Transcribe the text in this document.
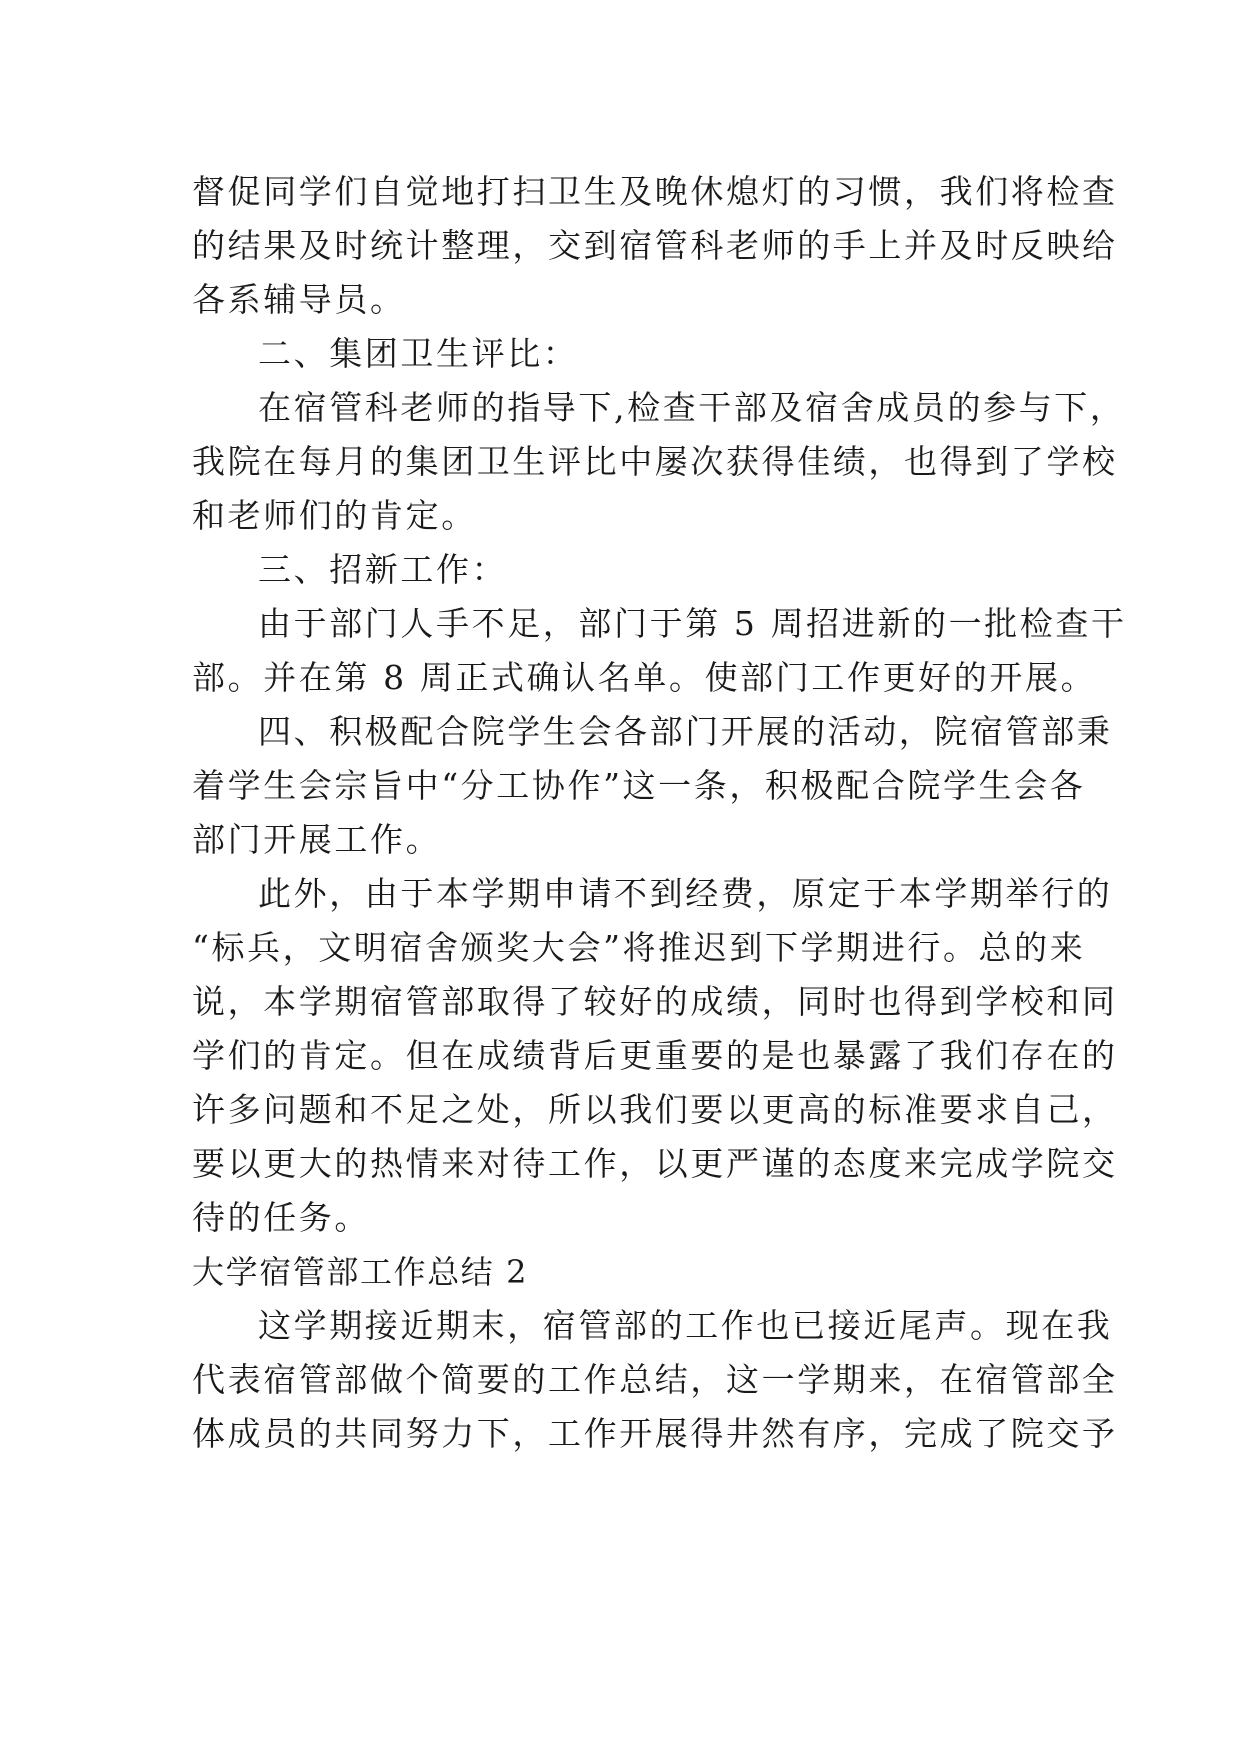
督促同学们自觉地打扫卫生及晚休熄灯的习惯，我们将检查
的结果及时统计整理，交到宿管科老师的手上并及时反映给
各系辅导员。
二、集团卫生评比：
在宿管科老师的指导下,检查干部及宿舍成员的参与下，
我院在每月的集团卫生评比中屡次获得佳绩，也得到了学校
和老师们的肯定。
三、招新工作：
由于部门人手不足，部门于第 5 周招进新的一批检查干
部。并在第 8 周正式确认名单。使部门工作更好的开展。
四、积极配合院学生会各部门开展的活动，院宿管部秉
着学生会宗旨中“分工协作”这一条，积极配合院学生会各
部门开展工作。
此外，由于本学期申请不到经费，原定于本学期举行的
“标兵，文明宿舍颁奖大会”将推迟到下学期进行。总的来
说，本学期宿管部取得了较好的成绩，同时也得到学校和同
学们的肯定。但在成绩背后更重要的是也暴露了我们存在的
许多问题和不足之处，所以我们要以更高的标准要求自己，
要以更大的热情来对待工作，以更严谨的态度来完成学院交
待的任务。
大学宿管部工作总结 2
这学期接近期末，宿管部的工作也已接近尾声。现在我
代表宿管部做个简要的工作总结，这一学期来，在宿管部全
体成员的共同努力下，工作开展得井然有序，完成了院交予
